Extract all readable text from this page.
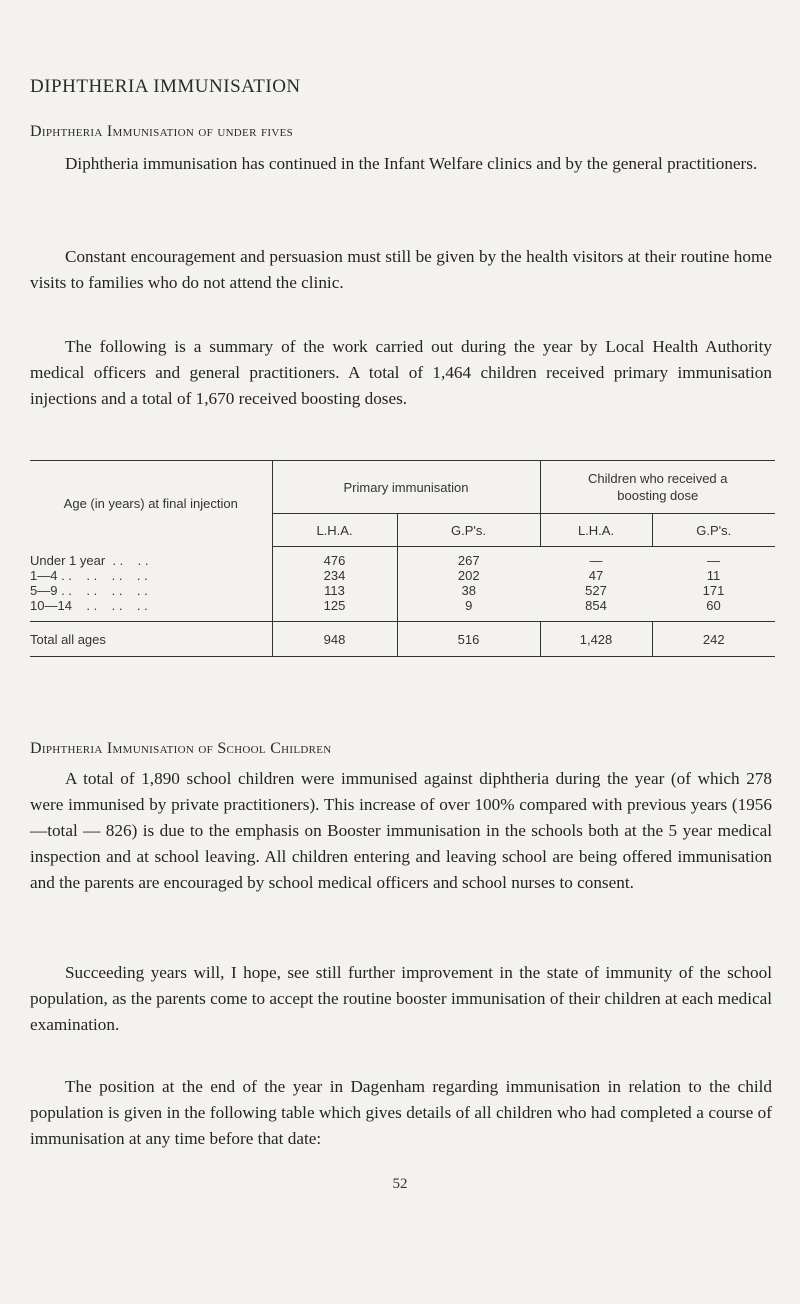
DIPHTHERIA IMMUNISATION
Diphtheria Immunisation of under fives
Diphtheria immunisation has continued in the Infant Welfare clinics and by the general practitioners.
Constant encouragement and persuasion must still be given by the health visitors at their routine home visits to families who do not attend the clinic.
The following is a summary of the work carried out during the year by Local Health Authority medical officers and general practitioners. A total of 1,464 children received primary immunisation injections and a total of 1,670 received boosting doses.
Age (in years) at final injection	Primary immunisation		Children who received a boosting dose	

	L.H.A.	G.P's.	L.H.A.	G.P's.
Under 1 year  . .    . .	476	267	—	—
1—4 . .    . .    . .    . .	234	202	47	11
5—9 . .    . .    . .    . .	113	38	527	171
10—14    . .    . .    . .	125	9	854	60
Total all ages	948	516	1,428	242
Diphtheria Immunisation of School Children
A total of 1,890 school children were immunised against diphtheria during the year (of which 278 were immunised by private practitioners). This increase of over 100% compared with previous years (1956—total — 826) is due to the emphasis on Booster immunisation in the schools both at the 5 year medical inspection and at school leaving. All children entering and leaving school are being offered immunisation and the parents are encouraged by school medical officers and school nurses to consent.
Succeeding years will, I hope, see still further improvement in the state of immunity of the school population, as the parents come to accept the routine booster immunisation of their children at each medical examination.
The position at the end of the year in Dagenham regarding immunisation in relation to the child population is given in the following table which gives details of all children who had completed a course of immunisation at any time before that date:
52
